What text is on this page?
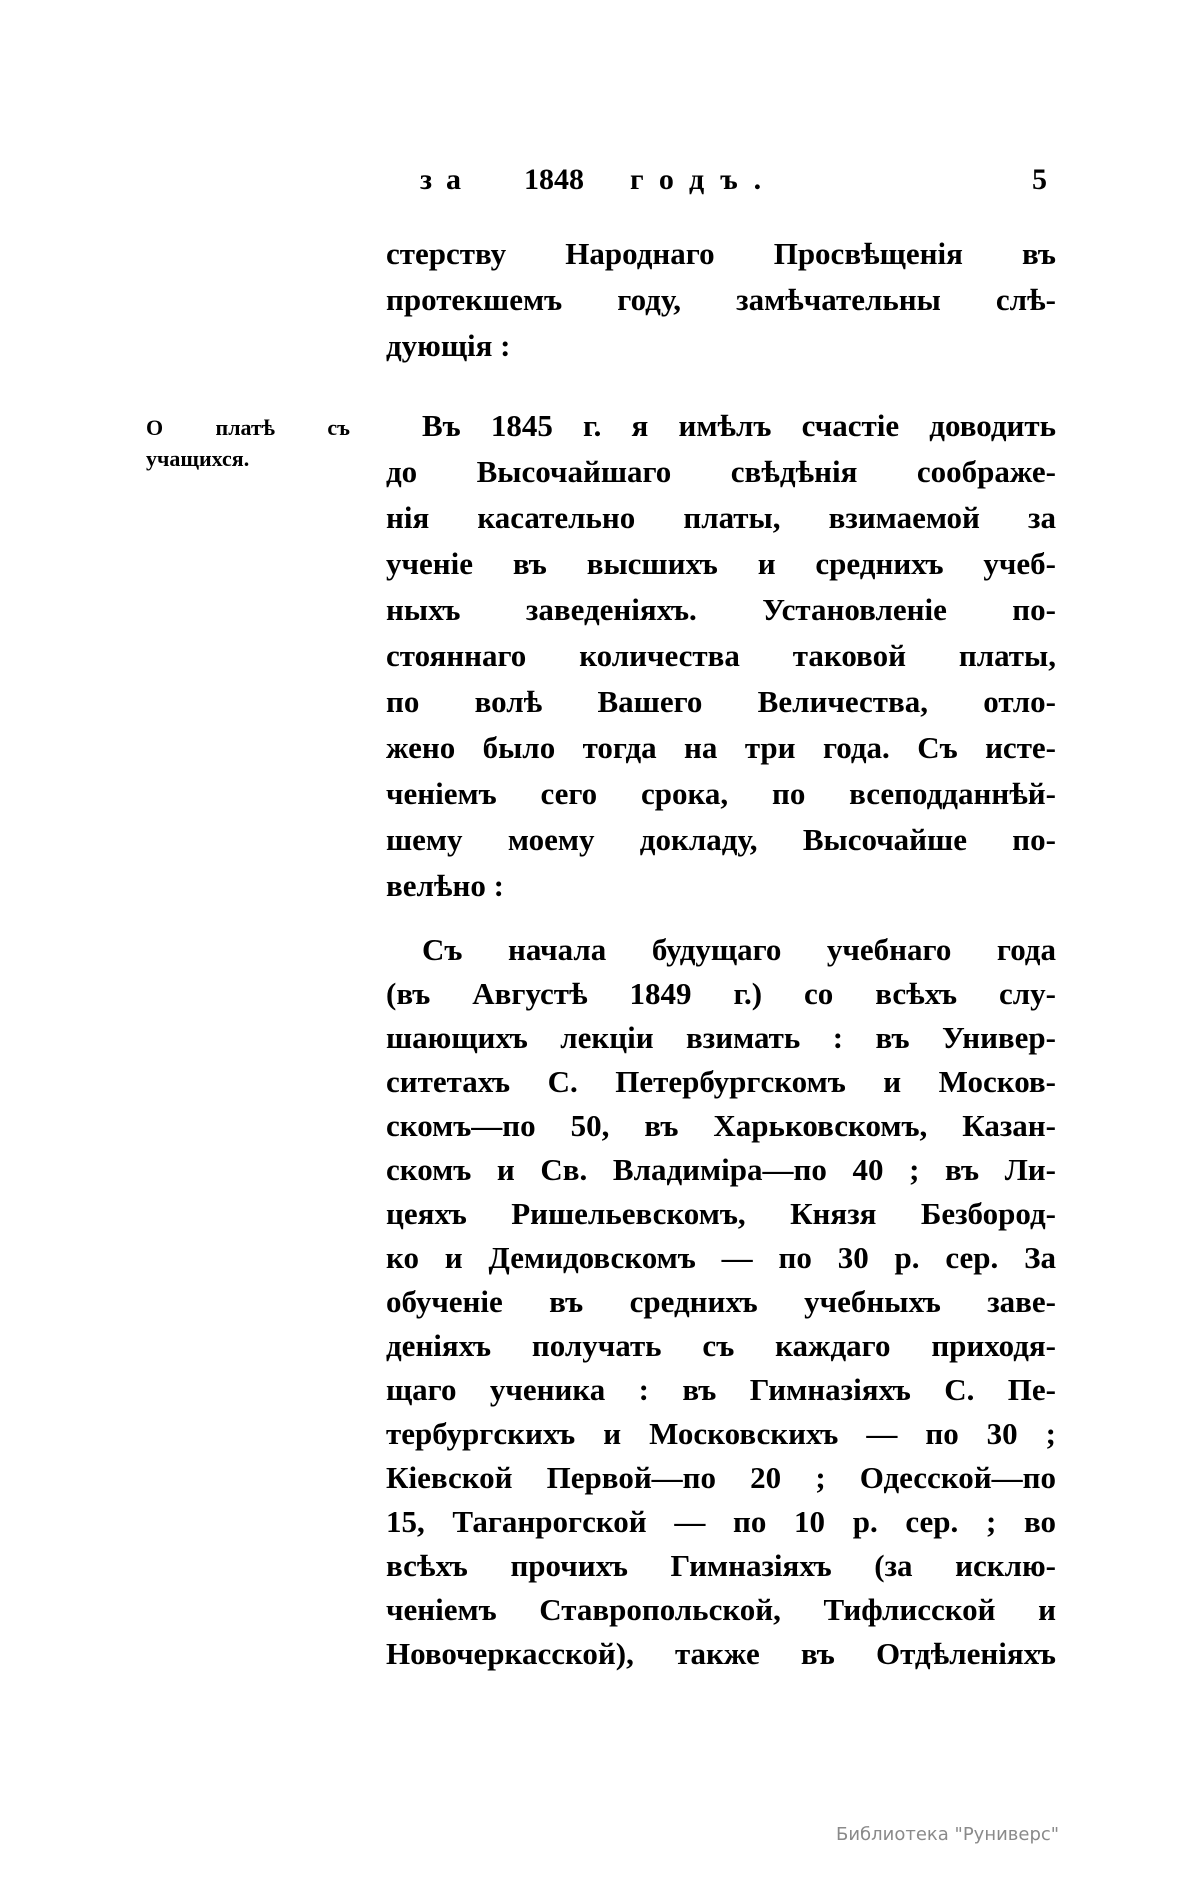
за 1848 годъ.	5
О платѣ съ
учащихся.
стерству Народнаго Просвѣщенія въ
протекшемъ году, замѣчательны слѣ-
дующія :
Въ 1845 г. я имѣлъ счастіе доводить
до Высочайшаго свѣдѣнія соображе-
нія касательно платы, взимаемой за
ученіе въ высшихъ и среднихъ учеб-
ныхъ заведеніяхъ. Установленіе по-
стояннаго количества таковой платы,
по волѣ Вашего Величества, отло-
жено было тогда на три года. Съ исте-
ченіемъ сего срока, по всеподданнѣй-
шему моему докладу, Высочайше по-
велѣно :
Съ начала будущаго учебнаго года
(въ Августѣ 1849 г.) со всѣхъ слу-
шающихъ лекціи взимать : въ Универ-
ситетахъ С. Петербургскомъ и Москов-
скомъ—по 50, въ Харьковскомъ, Казан-
скомъ и Св. Владиміра—по 40 ; въ Ли-
цеяхъ Ришельевскомъ, Князя Безбород-
ко и Демидовскомъ — по 30 р. сер. За
обученіе въ среднихъ учебныхъ заве-
деніяхъ получать съ каждаго приходя-
щаго ученика : въ Гимназіяхъ С. Пе-
тербургскихъ и Московскихъ — по 30 ;
Кіевской Первой—по 20 ; Одесской—по
15, Таганрогской — по 10 р. сер. ; во
всѣхъ прочихъ Гимназіяхъ (за исклю-
ченіемъ Ставропольской, Тифлисской и
Новочеркасской), также въ Отдѣленіяхъ
Библиотека "Руниверс"
